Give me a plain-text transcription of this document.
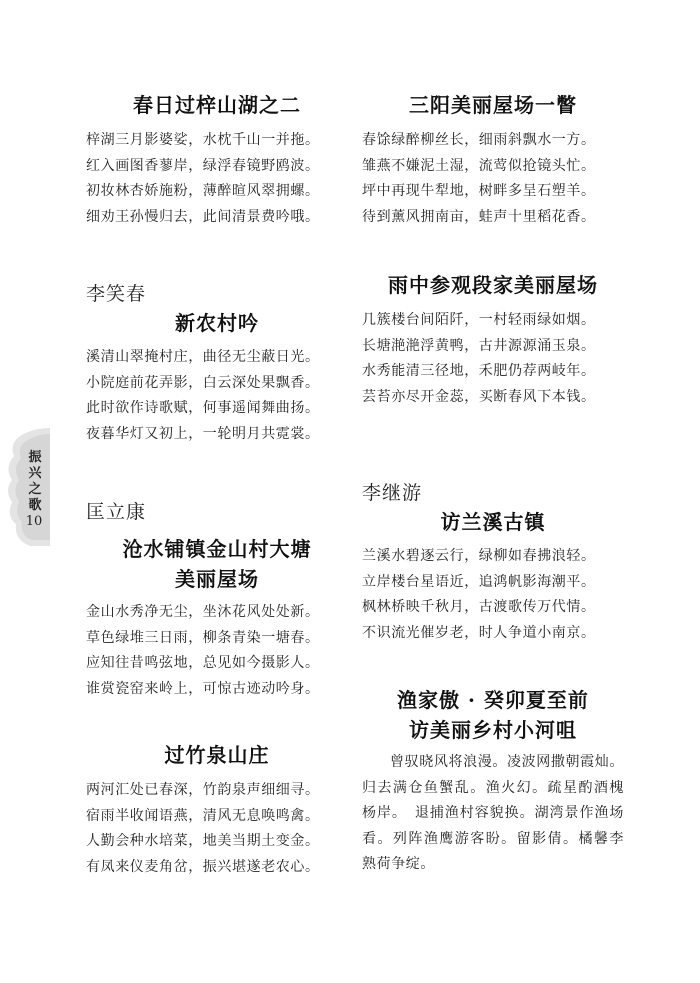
振兴之歌
10
春日过梓山湖之二
梓湖三月影婆娑，水枕千山一并拖。
红入画图香蓼岸，绿浮春镜野鸥波。
初妆林杏娇施粉，薄醉暄风翠拥螺。
细劝王孙慢归去，此间清景费吟哦。
李笑春
新农村吟
溪清山翠掩村庄，曲径无尘蔽日光。
小院庭前花弄影，白云深处果飘香。
此时欲作诗歌赋，何事遥闻舞曲扬。
夜暮华灯又初上，一轮明月共霓裳。
匡立康
沧水铺镇金山村大塘
美丽屋场
金山水秀净无尘，坐沐花风处处新。
草色绿堆三日雨，柳条青染一塘春。
应知往昔鸣弦地，总见如今摄影人。
谁赏瓷窑来岭上，可惊古迹动吟身。
过竹泉山庄
两河汇处已春深，竹韵泉声细细寻。
宿雨半收闻语燕，清风无息唤鸣禽。
人勤会种水培菜，地美当期土变金。
有凤来仪麦角岔，振兴堪遂老农心。
三阳美丽屋场一瞥
春馀绿醉柳丝长，细雨斜飘水一方。
雏燕不嫌泥土湿，流莺似抢镜头忙。
坪中再现牛犁地，树畔多呈石塑羊。
待到薰风拥南亩，蛙声十里稻花香。
雨中参观段家美丽屋场
几簇楼台间陌阡，一村轻雨绿如烟。
长塘滟滟浮黄鸭，古井源源涌玉泉。
水秀能清三径地，禾肥仍荐两岐年。
芸苔亦尽开金蕊，买断春风下本钱。
李继游
访兰溪古镇
兰溪水碧逐云行，绿柳如春拂浪轻。
立岸楼台星语近，追鸿帆影海潮平。
枫林桥映千秋月，古渡歌传万代情。
不识流光催岁老，时人争道小南京。
渔家傲 · 癸卯夏至前
访美丽乡村小河咀
曾驭晓风将浪漫。凌波网撒朝霞灿。归去满仓鱼蟹乱。渔火幻。疏星酌酒槐杨岸。　退捕渔村容貌换。湖湾景作渔场看。列阵渔鹰游客盼。留影倩。橘馨李熟荷争绽。
